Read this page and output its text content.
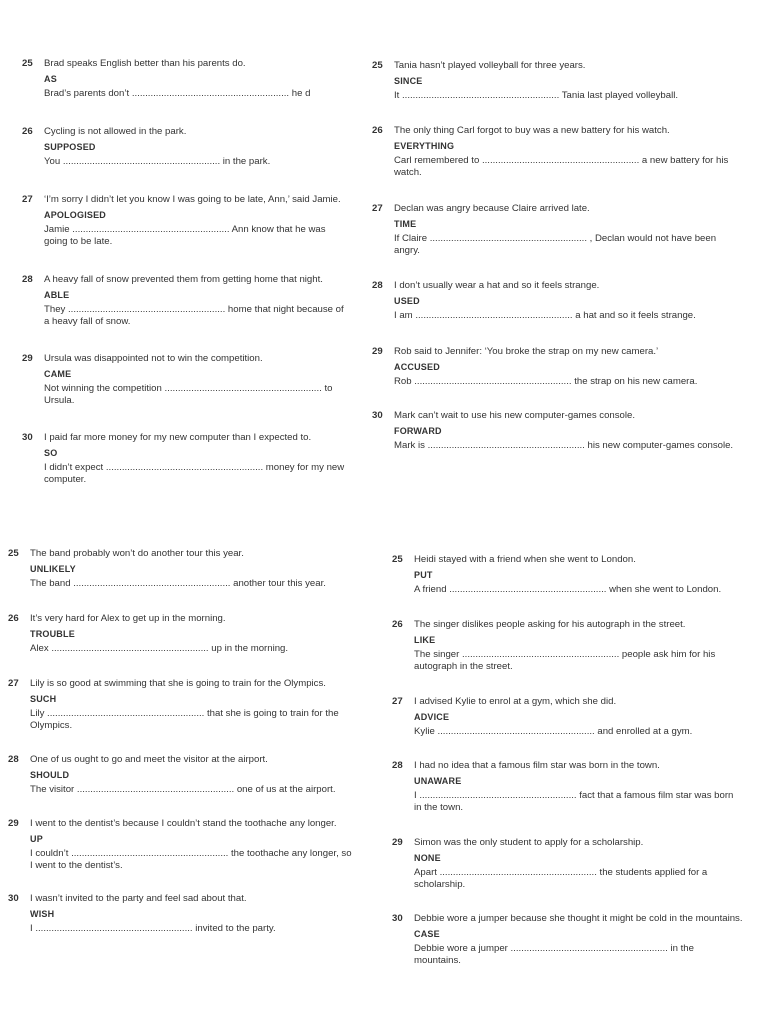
25 Brad speaks English better than his parents do.
AS
Brad’s parents don’t ........................................................... he d
26 Cycling is not allowed in the park.
SUPPOSED
You ........................................................... in the park.
27 ‘I’m sorry I didn’t let you know I was going to be late, Ann,’ said Jamie.
APOLOGISED
Jamie ........................................................... Ann know that he was going to be late.
28 A heavy fall of snow prevented them from getting home that night.
ABLE
They ........................................................... home that night because of a heavy fall of snow.
29 Ursula was disappointed not to win the competition.
CAME
Not winning the competition ........................................................... to Ursula.
30 I paid far more money for my new computer than I expected to.
SO
I didn’t expect ........................................................... money for my new computer.
25 Tania hasn’t played volleyball for three years.
SINCE
It ........................................................... Tania last played volleyball.
26 The only thing Carl forgot to buy was a new battery for his watch.
EVERYTHING
Carl remembered to ........................................................... a new battery for his watch.
27 Declan was angry because Claire arrived late.
TIME
If Claire ........................................................... , Declan would not have been angry.
28 I don’t usually wear a hat and so it feels strange.
USED
I am ........................................................... a hat and so it feels strange.
29 Rob said to Jennifer: ‘You broke the strap on my new camera.’
ACCUSED
Rob ........................................................... the strap on his new camera.
30 Mark can’t wait to use his new computer-games console.
FORWARD
Mark is ........................................................... his new computer-games console.
25 The band probably won’t do another tour this year.
UNLIKELY
The band ........................................................... another tour this year.
26 It’s very hard for Alex to get up in the morning.
TROUBLE
Alex ........................................................... up in the morning.
27 Lily is so good at swimming that she is going to train for the Olympics.
SUCH
Lily ........................................................... that she is going to train for the Olympics.
28 One of us ought to go and meet the visitor at the airport.
SHOULD
The visitor ........................................................... one of us at the airport.
29 I went to the dentist’s because I couldn’t stand the toothache any longer.
UP
I couldn’t ........................................................... the toothache any longer, so I went to the dentist’s.
30 I wasn’t invited to the party and feel sad about that.
WISH
I ........................................................... invited to the party.
25 Heidi stayed with a friend when she went to London.
PUT
A friend ........................................................... when she went to London.
26 The singer dislikes people asking for his autograph in the street.
LIKE
The singer ........................................................... people ask him for his autograph in the street.
27 I advised Kylie to enrol at a gym, which she did.
ADVICE
Kylie ........................................................... and enrolled at a gym.
28 I had no idea that a famous film star was born in the town.
UNAWARE
I ........................................................... fact that a famous film star was born in the town.
29 Simon was the only student to apply for a scholarship.
NONE
Apart ........................................................... the students applied for a scholarship.
30 Debbie wore a jumper because she thought it might be cold in the mountains.
CASE
Debbie wore a jumper ........................................................... in the mountains.
